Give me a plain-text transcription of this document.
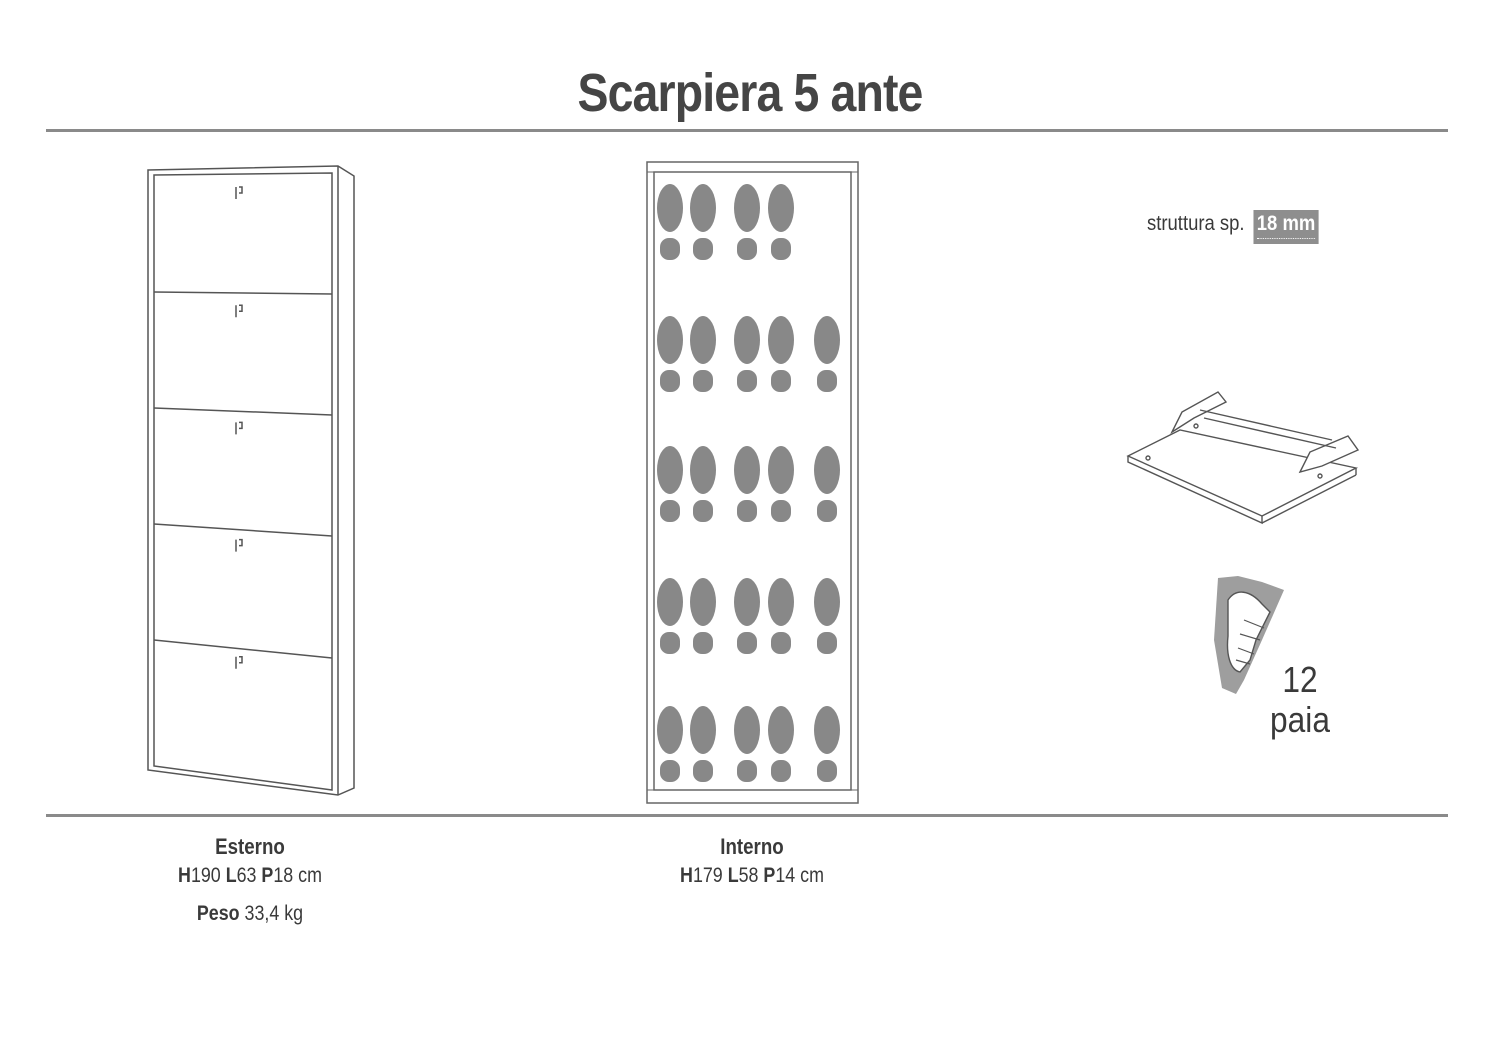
Scarpiera 5 ante
struttura sp. 18 mm
12
paia
Esterno
H190 L63 P18 cm
Peso 33,4 kg
Interno
H179 L58 P14 cm
